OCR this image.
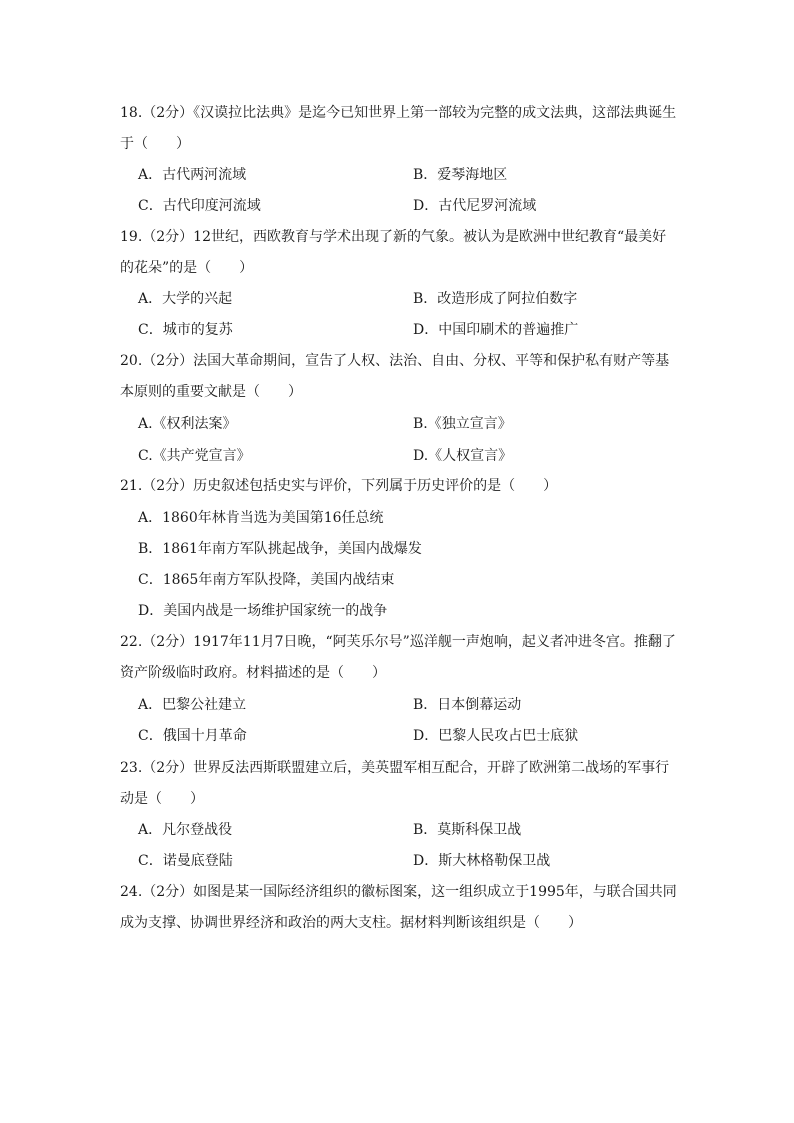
18.（2分）《汉谟拉比法典》是迄今已知世界上第一部较为完整的成文法典，这部法典诞生于（　　）
A．古代两河流域	B．爱琴海地区
C．古代印度河流域	D．古代尼罗河流域
19.（2分）12世纪，西欧教育与学术出现了新的气象。被认为是欧洲中世纪教育“最美好的花朵”的是（　　）
A．大学的兴起	B．改造形成了阿拉伯数字
C．城市的复苏	D．中国印刷术的普遍推广
20.（2分）法国大革命期间，宣告了人权、法治、自由、分权、平等和保护私有财产等基本原则的重要文献是（　　）
A.《权利法案》	B.《独立宣言》
C.《共产党宣言》	D.《人权宣言》
21.（2分）历史叙述包括史实与评价，下列属于历史评价的是（　　）
A．1860年林肯当选为美国第16任总统
B．1861年南方军队挑起战争，美国内战爆发
C．1865年南方军队投降，美国内战结束
D．美国内战是一场维护国家统一的战争
22.（2分）1917年11月7日晚，“阿芙乐尔号”巡洋舰一声炮响，起义者冲进冬宫。推翻了资产阶级临时政府。材料描述的是（　　）
A．巴黎公社建立	B．日本倒幕运动
C．俄国十月革命	D．巴黎人民攻占巴士底狱
23.（2分）世界反法西斯联盟建立后，美英盟军相互配合，开辟了欧洲第二战场的军事行动是（　　）
A．凡尔登战役	B．莫斯科保卫战
C．诺曼底登陆	D．斯大林格勒保卫战
24.（2分）如图是某一国际经济组织的徽标图案，这一组织成立于1995年，与联合国共同成为支撑、协调世界经济和政治的两大支柱。据材料判断该组织是（　　）
